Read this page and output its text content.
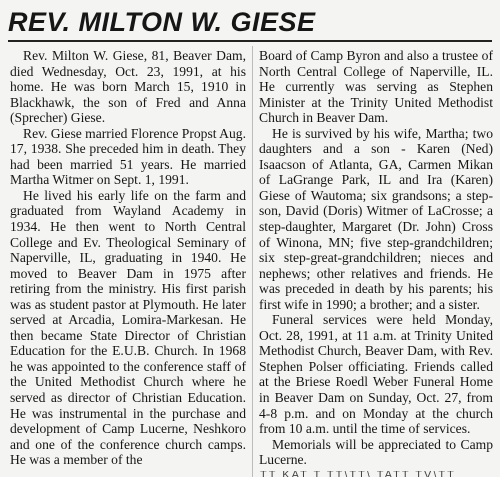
REV. MILTON W. GIESE

Rev. Milton W. Giese, 81, Beaver Dam, died Wednesday, Oct. 23, 1991, at his home. He was born March 15, 1910 in Blackhawk, the son of Fred and Anna (Sprecher) Giese.

Rev. Giese married Florence Propst Aug. 17, 1938. She preceded him in death. They had been married 51 years. He married Martha Witmer on Sept. 1, 1991.

He lived his early life on the farm and graduated from Wayland Academy in 1934. He then went to North Central College and Ev. Theological Seminary of Naperville, IL, graduating in 1940. He moved to Beaver Dam in 1975 after retiring from the ministry. His first parish was as student pastor at Plymouth. He later served at Arcadia, Lomira-Markesan. He then became State Director of Christian Education for the E.U.B. Church. In 1968 he was appointed to the conference staff of the United Methodist Church where he served as director of Christian Education. He was instrumental in the purchase and development of Camp Lucerne, Neshkoro and one of the conference church camps. He was a member of the

Board of Camp Byron and also a trustee of North Central College of Naperville, IL. He currently was serving as Stephen Minister at the Trinity United Methodist Church in Beaver Dam.

He is survived by his wife, Martha; two daughters and a son - Karen (Ned) Isaacson of Atlanta, GA, Carmen Mikan of LaGrange Park, IL and Ira (Karen) Giese of Wautoma; six grandsons; a step-son, David (Doris) Witmer of LaCrosse; a step-daughter, Margaret (Dr. John) Cross of Winona, MN; five step-grandchildren; six step-great-grandchildren; nieces and nephews; other relatives and friends. He was preceded in death by his parents; his first wife in 1990; a brother; and a sister.

Funeral services were held Monday, Oct. 28, 1991, at 11 a.m. at Trinity United Methodist Church, Beaver Dam, with Rev. Stephen Polser officiating. Friends called at the Briese Roedl Weber Funeral Home in Beaver Dam on Sunday, Oct. 27, from 4-8 p.m. and on Monday at the church from 10 a.m. until the time of services.

Memorials will be appreciated to Camp Lucerne.

TT KAT T TT\TT\ TATT TV\TT
